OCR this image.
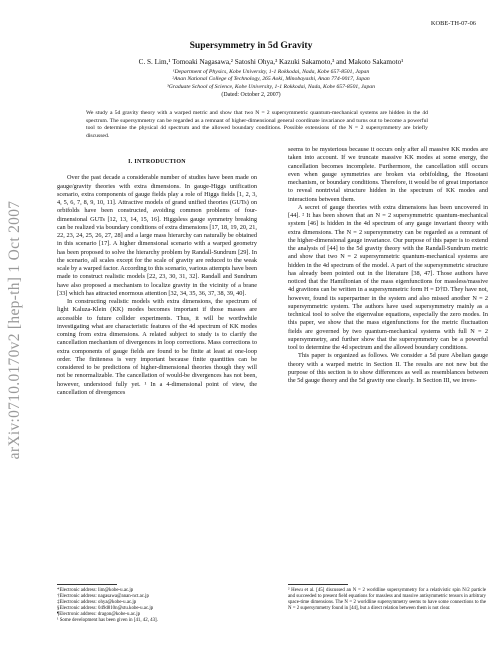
arXiv:0710.0170v2 [hep-th] 1 Oct 2007
KOBE-TH-07-06
Supersymmetry in 5d Gravity
C. S. Lim,¹ Tomoaki Nagasawa,² Satoshi Ohya,³ Kazuki Sakamoto,³ and Makoto Sakamoto¹
¹Department of Physics, Kobe University, 1-1 Rokkodai, Nada, Kobe 657-8501, Japan
²Anan National College of Technology, 265 Aoki, Minobayashi, Anan 774-0017, Japan
³Graduate School of Science, Kobe University, 1-1 Rokkodai, Nada, Kobe 657-8501, Japan
(Dated: October 2, 2007)
We study a 5d gravity theory with a warped metric and show that two N = 2 supersymmetric quantum-mechanical systems are hidden in the 4d spectrum. The supersymmetry can be regarded as a remnant of higher-dimensional general coordinate invariance and turns out to become a powerful tool to determine the physical 4d spectrum and the allowed boundary conditions. Possible extensions of the N = 2 supersymmetry are briefly discussed.
I. INTRODUCTION

Over the past decade a considerable number of studies have been made on gauge/gravity theories with extra dimensions. In gauge-Higgs unification scenario, extra components of gauge fields play a role of Higgs fields [1, 2, 3, 4, 5, 6, 7, 8, 9, 10, 11]. Attractive models of grand unified theories (GUTs) on orbifolds have been constructed, avoiding common problems of four-dimensional GUTs [12, 13, 14, 15, 16]. Higgsless gauge symmetry breaking can be realized via boundary conditions of extra dimensions [17, 18, 19, 20, 21, 22, 23, 24, 25, 26, 27, 28] and a large mass hierarchy can naturally be obtained in this scenario [17]. A higher dimensional scenario with a warped geometry has been proposed to solve the hierarchy problem by Randall-Sundrum [29]. In the scenario, all scales except for the scale of gravity are reduced to the weak scale by a warped factor. According to this scenario, various attempts have been made to construct realistic models [22, 23, 30, 31, 32]. Randall and Sundrum have also proposed a mechanism to localize gravity in the vicinity of a brane [33] which has attracted enormous attention [32, 34, 35, 36, 37, 38, 39, 40].

In constructing realistic models with extra dimensions, the spectrum of light Kaluza-Klein (KK) modes becomes important if those masses are accessible to future collider experiments. Thus, it will be worthwhile investigating what are characteristic features of the 4d spectrum of KK modes coming from extra dimensions. A related subject to study is to clarify the cancellation mechanism of divergences in loop corrections. Mass corrections to extra components of gauge fields are found to be finite at least at one-loop order. The finiteness is very important because finite quantities can be considered to be predictions of higher-dimensional theories though they will not be renormalizable. The cancellation of would-be divergences has not been, however, understood fully yet. ¹ In a 4-dimensional point of view, the cancellation of divergences

seems to be mysterious because it occurs only after all massive KK modes are taken into account. If we truncate massive KK modes at some energy, the cancellation becomes incomplete. Furthermore, the cancellation still occurs even when gauge symmetries are broken via orbifolding, the Hosotani mechanism, or boundary conditions. Therefore, it would be of great importance to reveal nontrivial structure hidden in the spectrum of KK modes and interactions between them.

A secret of gauge theories with extra dimensions has been uncovered in [44]. ² It has been shown that an N = 2 supersymmetric quantum-mechanical system [46] is hidden in the 4d spectrum of any gauge invariant theory with extra dimensions. The N = 2 supersymmetry can be regarded as a remnant of the higher-dimensional gauge invariance. Our purpose of this paper is to extend the analysis of [44] to the 5d gravity theory with the Randall-Sundrum metric and show that two N = 2 supersymmetric quantum-mechanical systems are hidden in the 4d spectrum of the model. A part of the supersymmetric structure has already been pointed out in the literature [38, 47]. Those authors have noticed that the Hamiltonian of the mass eigenfunctions for massless/massive 4d gravitons can be written in a supersymmetric form H = D†D. They have not, however, found its superpartner in the system and also missed another N = 2 supersymmetric system. The authors have used supersymmetry mainly as a technical tool to solve the eigenvalue equations, especially the zero modes. In this paper, we show that the mass eigenfunctions for the metric fluctuation fields are governed by two quantum-mechanical systems with full N = 2 supersymmetry, and further show that the supersymmetry can be a powerful tool to determine the 4d spectrum and the allowed boundary conditions.

This paper is organized as follows. We consider a 5d pure Abelian gauge theory with a warped metric in Section II. The results are not new but the purpose of this section is to show differences as well as resemblances between the 5d gauge theory and the 5d gravity one clearly. In Section III, we inves-

*Electronic address: lim@kobe-u.ac.jp
†Electronic address: nagasawa@anan-nct.ac.jp
‡Electronic address: ohya@kobe-u.ac.jp
§Electronic address: 049d810n@stu.kobe-u.ac.jp
¶Electronic address: dragon@kobe-u.ac.jp
¹ Some development has been given in [41, 42, 43].
² Hewu et al. [45] discussed an N = 2 worldline supersymmetry for a relativistic spin N/2 particle and succeeded to present field equations for massless and massive antisymmetric tensors in arbitrary space-time dimensions. The N = 2 worldline supersymmetry seems to have some connections to the N = 2 supersymmetry found in [44], but a direct relation between them is not clear.
